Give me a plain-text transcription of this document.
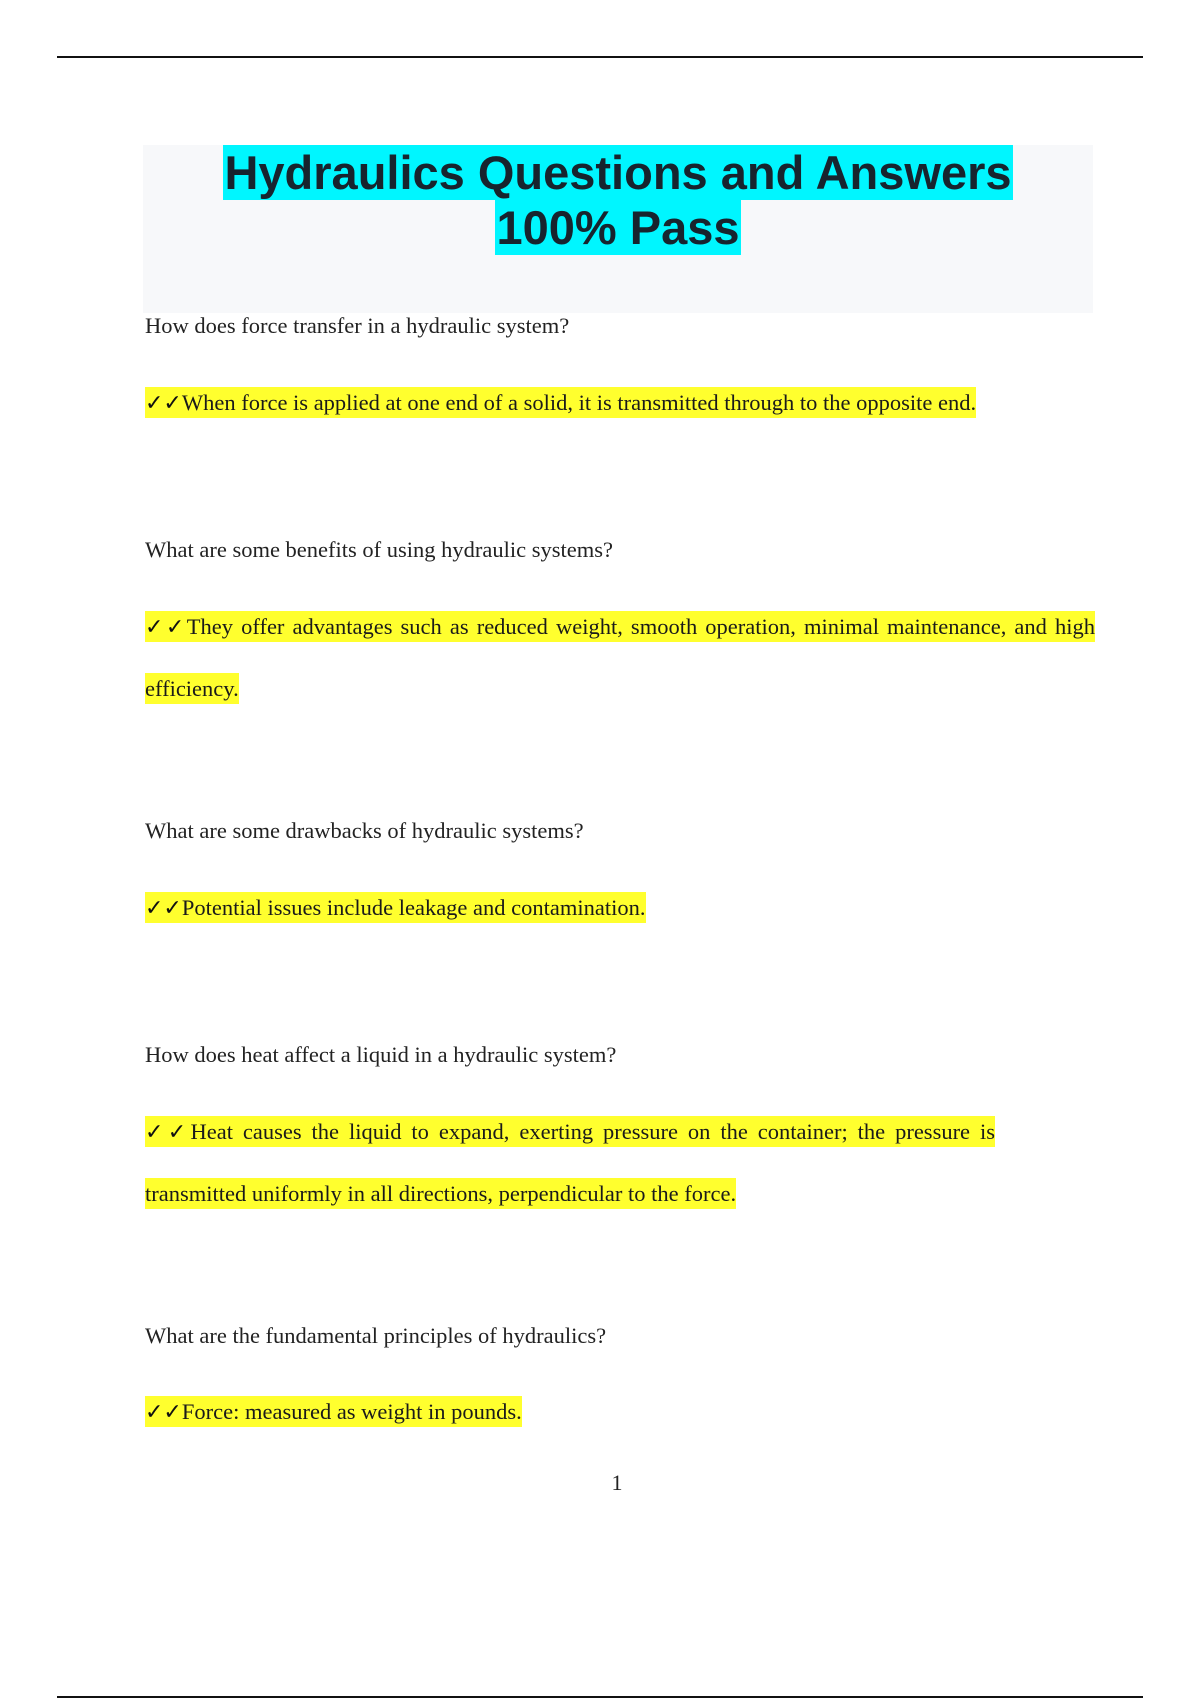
Hydraulics Questions and Answers
100% Pass
How does force transfer in a hydraulic system?
✓✓When force is applied at one end of a solid, it is transmitted through to the opposite end.
What are some benefits of using hydraulic systems?
✓✓They offer advantages such as reduced weight, smooth operation, minimal maintenance, and high efficiency.
What are some drawbacks of hydraulic systems?
✓✓Potential issues include leakage and contamination.
How does heat affect a liquid in a hydraulic system?
✓✓Heat causes the liquid to expand, exerting pressure on the container; the pressure is transmitted uniformly in all directions, perpendicular to the force.
What are the fundamental principles of hydraulics?
✓✓Force: measured as weight in pounds.
1
